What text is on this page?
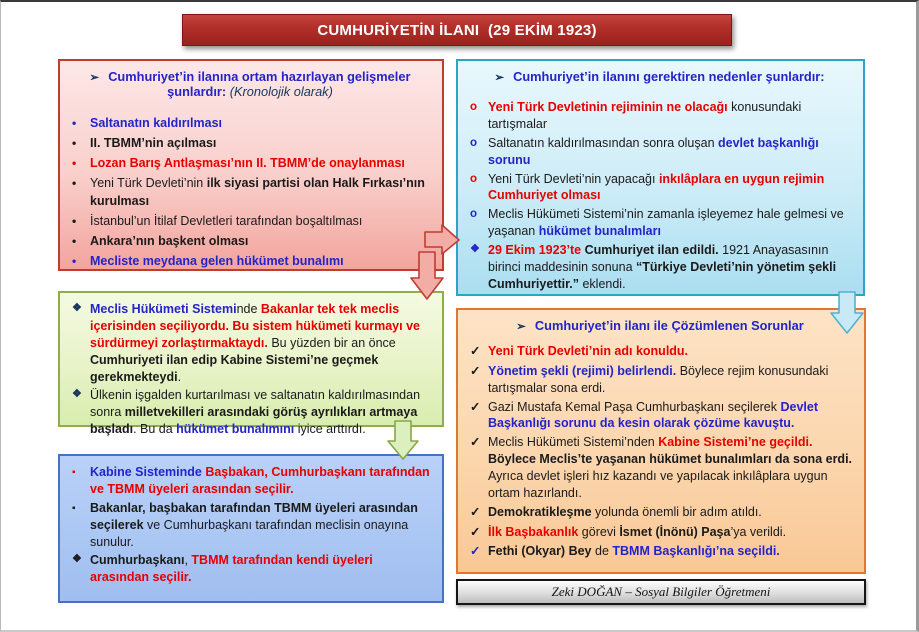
CUMHURİYETİN İLANI  (29 EKİM 1923)
➢ Cumhuriyet’in ilanına ortam hazırlayan gelişmeler şunlardır: (Kronolojik olarak)
•	Saltanatın kaldırılması
•	II. TBMM’nin açılması
•	Lozan Barış Antlaşması’nın II. TBMM’de onaylanması
•	Yeni Türk Devleti’nin ilk siyasi partisi olan Halk Fırkası’nın kurulması
•	İstanbul’un İtilaf Devletleri tarafından boşaltılması
•	Ankara’nın başkent olması
•	Mecliste meydana gelen hükümet bunalımı
➢ Cumhuriyet’in ilanını gerektiren nedenler şunlardır:
o Yeni Türk Devletinin rejiminin ne olacağı konusundaki tartışmalar
o Saltanatın kaldırılmasından sonra oluşan devlet başkanlığı sorunu
o Yeni Türk Devleti’nin yapacağı inkılâplara en uygun rejimin Cumhuriyet olması
o Meclis Hükümeti Sistemi’nin zamanla işleyemez hale gelmesi ve yaşanan hükümet bunalımları
❖ 29 Ekim 1923’te Cumhuriyet ilan edildi. 1921 Anayasasının birinci maddesinin sonuna “Türkiye Devleti’nin yönetim şekli Cumhuriyettir.” eklendi.
❖ Meclis Hükümeti Sisteminde Bakanlar tek tek meclis içerisinden seçiliyordu. Bu sistem hükümeti kurmayı ve sürdürmeyi zorlaştırmaktaydı. Bu yüzden bir an önce Cumhuriyeti ilan edip Kabine Sistemi’ne geçmek gerekmekteydi.
❖ Ülkenin işgalden kurtarılması ve saltanatın kaldırılmasından sonra milletvekilleri arasındaki görüş ayrılıkları artmaya başladı. Bu da hükümet bunalımını iyice arttırdı.
▪	Kabine Sisteminde Başbakan, Cumhurbaşkanı tarafından ve TBMM üyeleri arasından seçilir.
▪	Bakanlar, başbakan tarafından TBMM üyeleri arasından seçilerek ve Cumhurbaşkanı tarafından meclisin onayına sunulur.
❖ Cumhurbaşkanı, TBMM tarafından kendi üyeleri arasından seçilir.
➢ Cumhuriyet’in ilanı ile Çözümlenen Sorunlar
✓ Yeni Türk Devleti’nin adı konuldu.
✓ Yönetim şekli (rejimi) belirlendi. Böylece rejim konusundaki tartışmalar sona erdi.
✓ Gazi Mustafa Kemal Paşa Cumhurbaşkanı seçilerek Devlet Başkanlığı sorunu da kesin olarak çözüme kavuştu.
✓ Meclis Hükümeti Sistemi’nden Kabine Sistemi’ne geçildi. Böylece Meclis’te yaşanan hükümet bunalımları da sona erdi. Ayrıca devlet işleri hız kazandı ve yapılacak inkılâplara uygun ortam hazırlandı.
✓ Demokratikleşme yolunda önemli bir adım atıldı.
✓ İlk Başbakanlık görevi İsmet (İnönü) Paşa’ya verildi.
✓ Fethi (Okyar) Bey de TBMM Başkanlığı’na seçildi.
Zeki DOĞAN – Sosyal Bilgiler Öğretmeni
